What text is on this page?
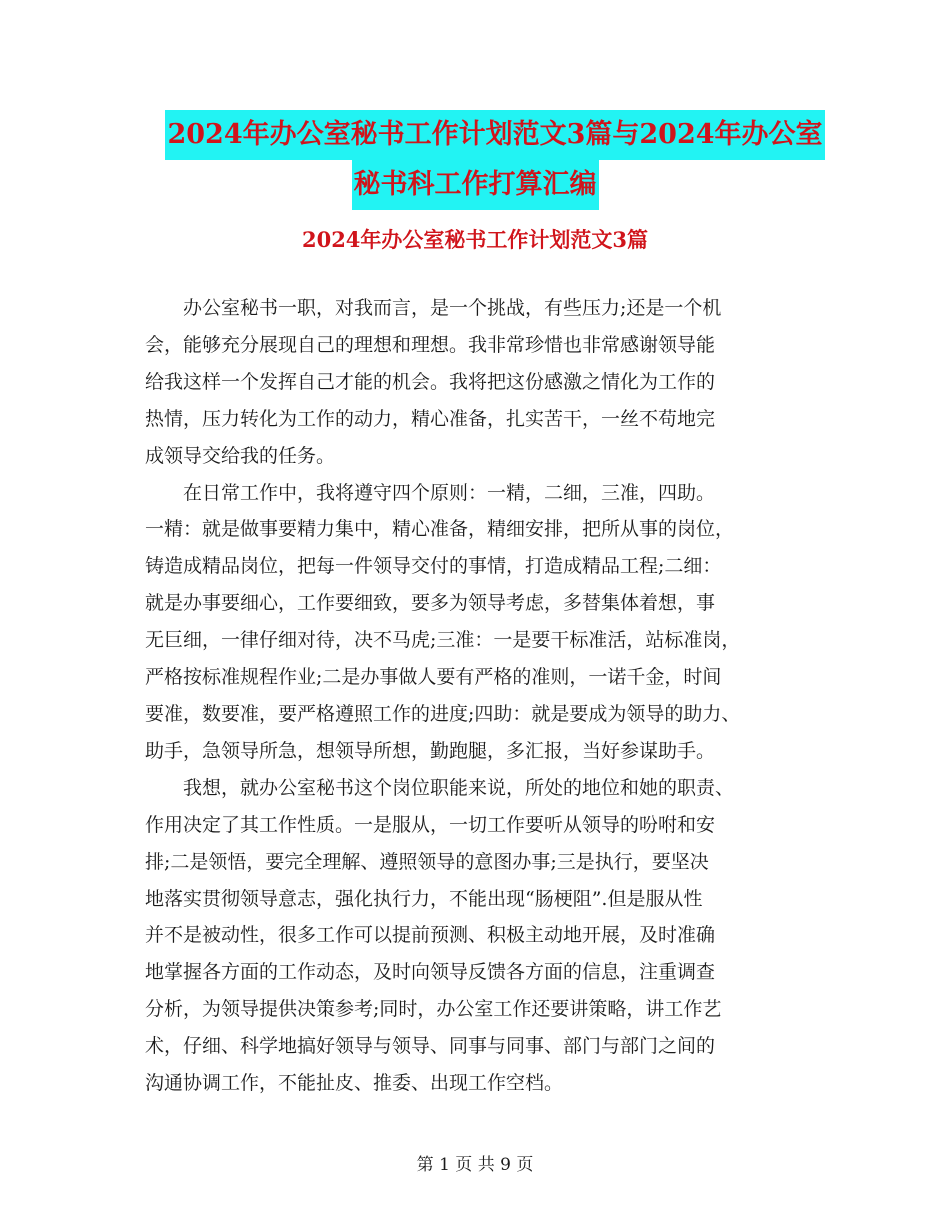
2024年办公室秘书工作计划范文3篇与2024年办公室
秘书科工作打算汇编
2024年办公室秘书工作计划范文3篇

办公室秘书一职，对我而言，是一个挑战，有些压力;还是一个机
会，能够充分展现自己的理想和理想。我非常珍惜也非常感谢领导能
给我这样一个发挥自己才能的机会。我将把这份感激之情化为工作的
热情，压力转化为工作的动力，精心准备，扎实苦干，一丝不苟地完
成领导交给我的任务。

在日常工作中，我将遵守四个原则：一精，二细，三准，四助。
一精：就是做事要精力集中，精心准备，精细安排，把所从事的岗位，
铸造成精品岗位，把每一件领导交付的事情，打造成精品工程;二细：
就是办事要细心，工作要细致，要多为领导考虑，多替集体着想，事
无巨细，一律仔细对待，决不马虎;三准：一是要干标准活，站标准岗，
严格按标准规程作业;二是办事做人要有严格的准则，一诺千金，时间
要准，数要准，要严格遵照工作的进度;四助：就是要成为领导的助力、
助手，急领导所急，想领导所想，勤跑腿，多汇报，当好参谋助手。

我想，就办公室秘书这个岗位职能来说，所处的地位和她的职责、
作用决定了其工作性质。一是服从，一切工作要听从领导的吩咐和安
排;二是领悟，要完全理解、遵照领导的意图办事;三是执行，要坚决
地落实贯彻领导意志，强化执行力，不能出现“肠梗阻”.但是服从性
并不是被动性，很多工作可以提前预测、积极主动地开展，及时准确
地掌握各方面的工作动态，及时向领导反馈各方面的信息，注重调查
分析，为领导提供决策参考;同时，办公室工作还要讲策略，讲工作艺
术，仔细、科学地搞好领导与领导、同事与同事、部门与部门之间的
沟通协调工作，不能扯皮、推委、出现工作空档。

第 1 页 共 9 页
